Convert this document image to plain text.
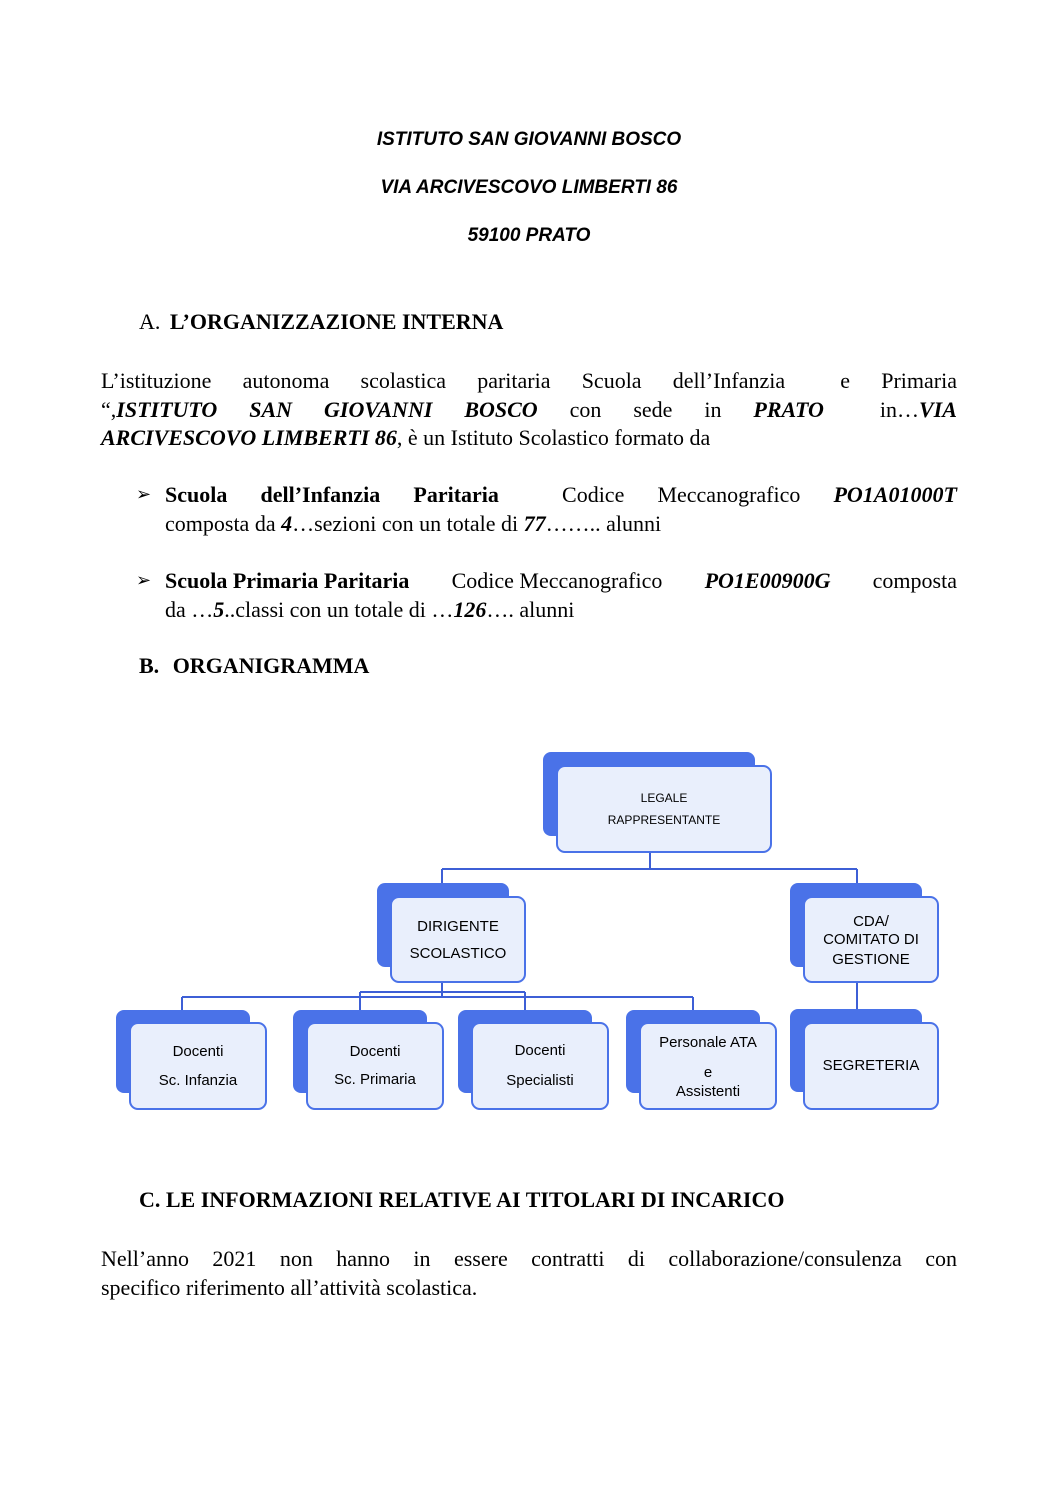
ISTITUTO SAN GIOVANNI BOSCO
VIA ARCIVESCOVO LIMBERTI 86
59100 PRATO
A. L’ORGANIZZAZIONE INTERNA
L’istituzione autonoma scolastica paritaria Scuola dell’Infanzia	e Primaria
“,ISTITUTO SAN GIOVANNI BOSCO con sede in PRATO	in…VIA
ARCIVESCOVO LIMBERTI 86, è un Istituto Scolastico formato da
➢ Scuola dell’Infanzia Paritaria	Codice Meccanografico PO1A01000T
composta da 4…sezioni con un totale di 77…….. alunni
➢ Scuola Primaria Paritaria Codice Meccanografico PO1E00900G composta
da …5..classi con un totale di …126…. alunni
B. ORGANIGRAMMA
LEGALE
RAPPRESENTANTE
DIRIGENTE
SCOLASTICO
CDA/
COMITATO DI
GESTIONE
Docenti
Sc. Infanzia
Docenti
Sc. Primaria
Docenti
Specialisti
Personale ATA
e
Assistenti
SEGRETERIA
C. LE INFORMAZIONI RELATIVE AI TITOLARI DI INCARICO
Nell’anno 2021 non hanno in essere contratti di collaborazione/consulenza con
specifico riferimento all’attività scolastica.
